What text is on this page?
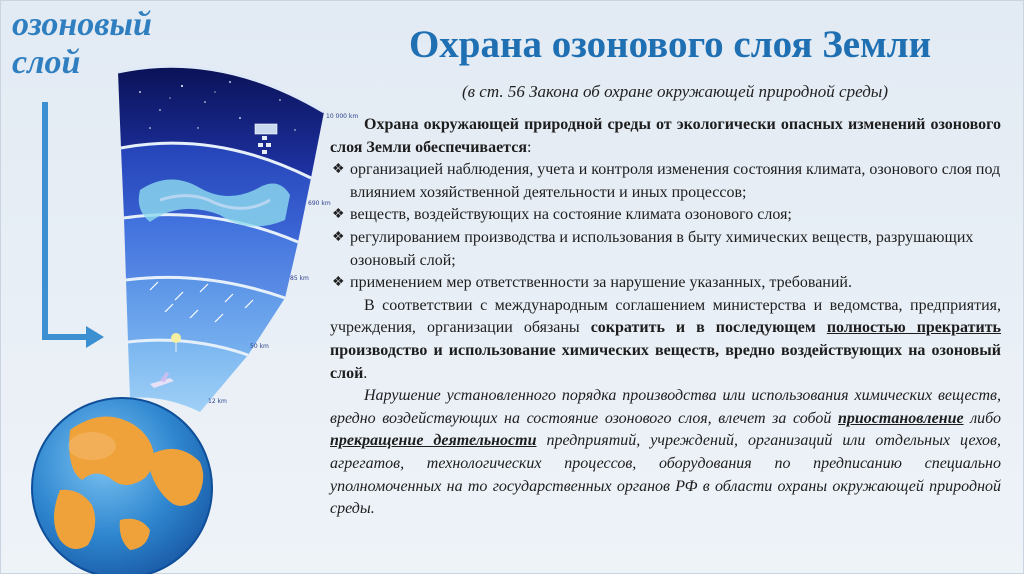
10 000 km
690 km
85 km
50 km
12 km
озоновый слой	Охрана озонового слоя Земли
(в ст. 56 Закона об охране окружающей природной среды)

Охрана окружающей природной среды от экологически опасных изменений озонового слоя Земли обеспечивается:

❖ организацией наблюдения, учета и контроля изменения состояния климата, озонового слоя под влиянием хозяйственной деятельности и иных процессов;
❖ веществ, воздействующих на состояние климата озонового слоя;
❖ регулированием производства и использования в быту химических веществ, разрушающих озоновый слой;
❖ применением мер ответственности за нарушение указанных, требований.

В соответствии с международным соглашением министерства и ведомства, предприятия, учреждения, организации обязаны сократить и в последующем полностью прекратить производство и использование химических веществ, вредно воздействующих на озоновый слой.

Нарушение установленного порядка производства или использования химических веществ, вредно воздействующих на состояние озонового слоя, влечет за собой приостановление либо прекращение деятельности предприятий, учреждений, организаций или отдельных цехов, агрегатов, технологических процессов, оборудования по предписанию специально уполномоченных на то государственных органов РФ в области охраны окружающей природной среды.
